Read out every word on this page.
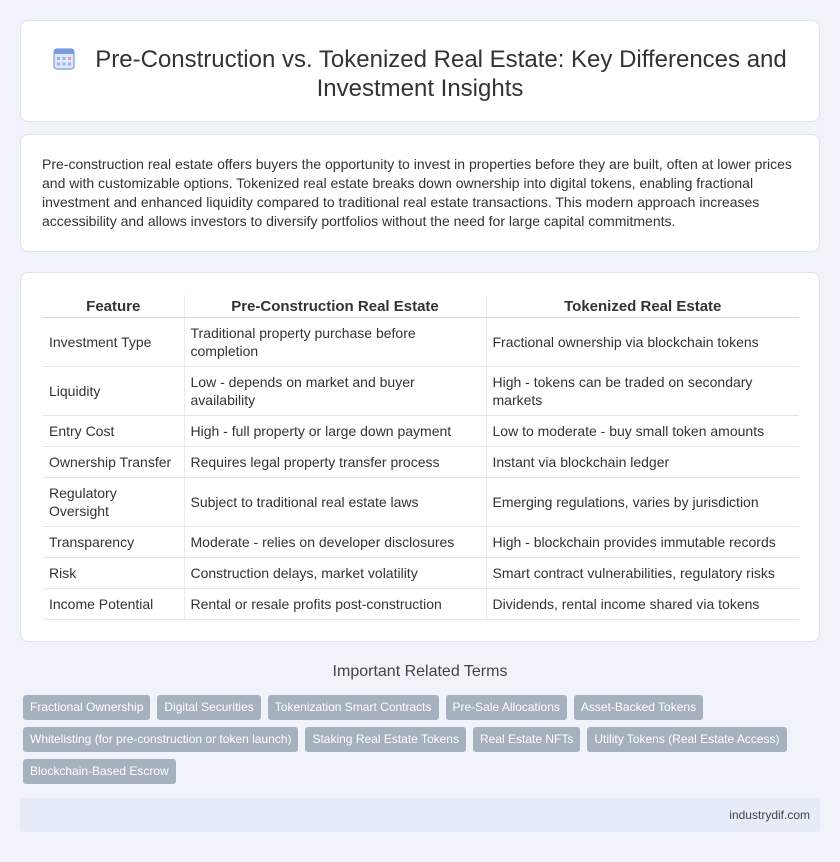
Pre-Construction vs. Tokenized Real Estate: Key Differences and Investment Insights

Pre-construction real estate offers buyers the opportunity to invest in properties before they are built, often at lower prices and with customizable options. Tokenized real estate breaks down ownership into digital tokens, enabling fractional investment and enhanced liquidity compared to traditional real estate transactions. This modern approach increases accessibility and allows investors to diversify portfolios without the need for large capital commitments.

Feature	Pre-Construction Real Estate	Tokenized Real Estate
Investment Type	Traditional property purchase before completion	Fractional ownership via blockchain tokens
Liquidity	Low - depends on market and buyer availability	High - tokens can be traded on secondary markets
Entry Cost	High - full property or large down payment	Low to moderate - buy small token amounts
Ownership Transfer	Requires legal property transfer process	Instant via blockchain ledger
Regulatory Oversight	Subject to traditional real estate laws	Emerging regulations, varies by jurisdiction
Transparency	Moderate - relies on developer disclosures	High - blockchain provides immutable records
Risk	Construction delays, market volatility	Smart contract vulnerabilities, regulatory risks
Income Potential	Rental or resale profits post-construction	Dividends, rental income shared via tokens
Important Related Terms
Fractional Ownership	Digital Securities	Tokenization Smart Contracts	Pre-Sale Allocations	Asset-Backed Tokens
Whitelisting (for pre-construction or token launch)	Staking Real Estate Tokens	Real Estate NFTs	Utility Tokens (Real Estate Access)
Blockchain-Based Escrow
industrydif.com
